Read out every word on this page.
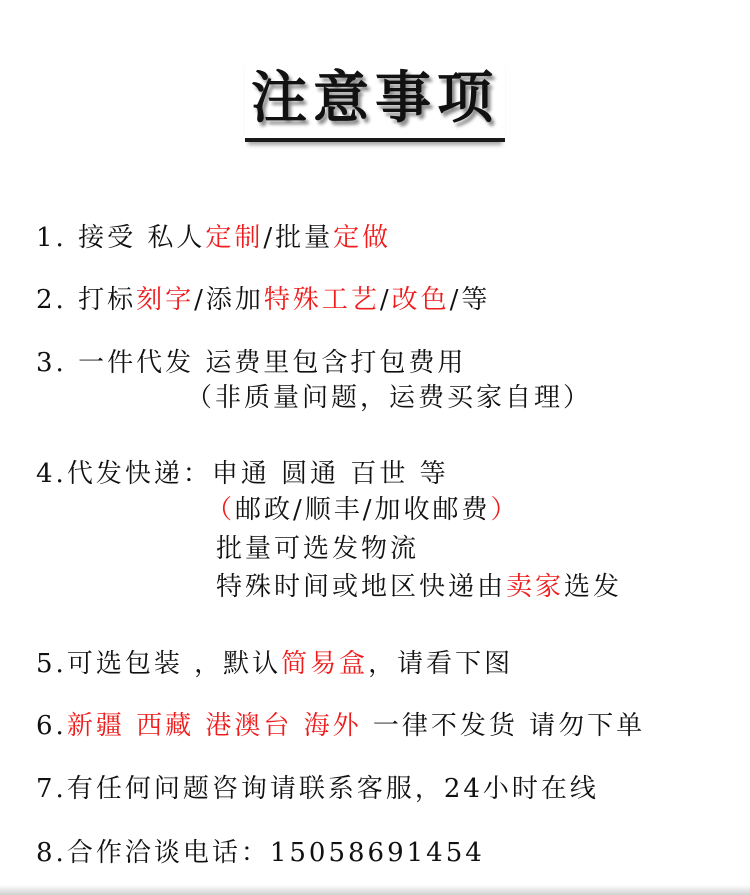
注意事项
1. 接受 私人定制/批量定做
2. 打标刻字/添加特殊工艺/改色/等
3. 一件代发 运费里包含打包费用
（非质量问题，运费买家自理）
4.代发快递：申通 圆通 百世 等
（邮政/顺丰/加收邮费）
批量可选发物流
特殊时间或地区快递由卖家选发
5.可选包装 ，默认简易盒，请看下图
6.新疆 西藏 港澳台 海外 一律不发货 请勿下单
7.有任何问题咨询请联系客服，24小时在线
8.合作洽谈电话：15058691454
